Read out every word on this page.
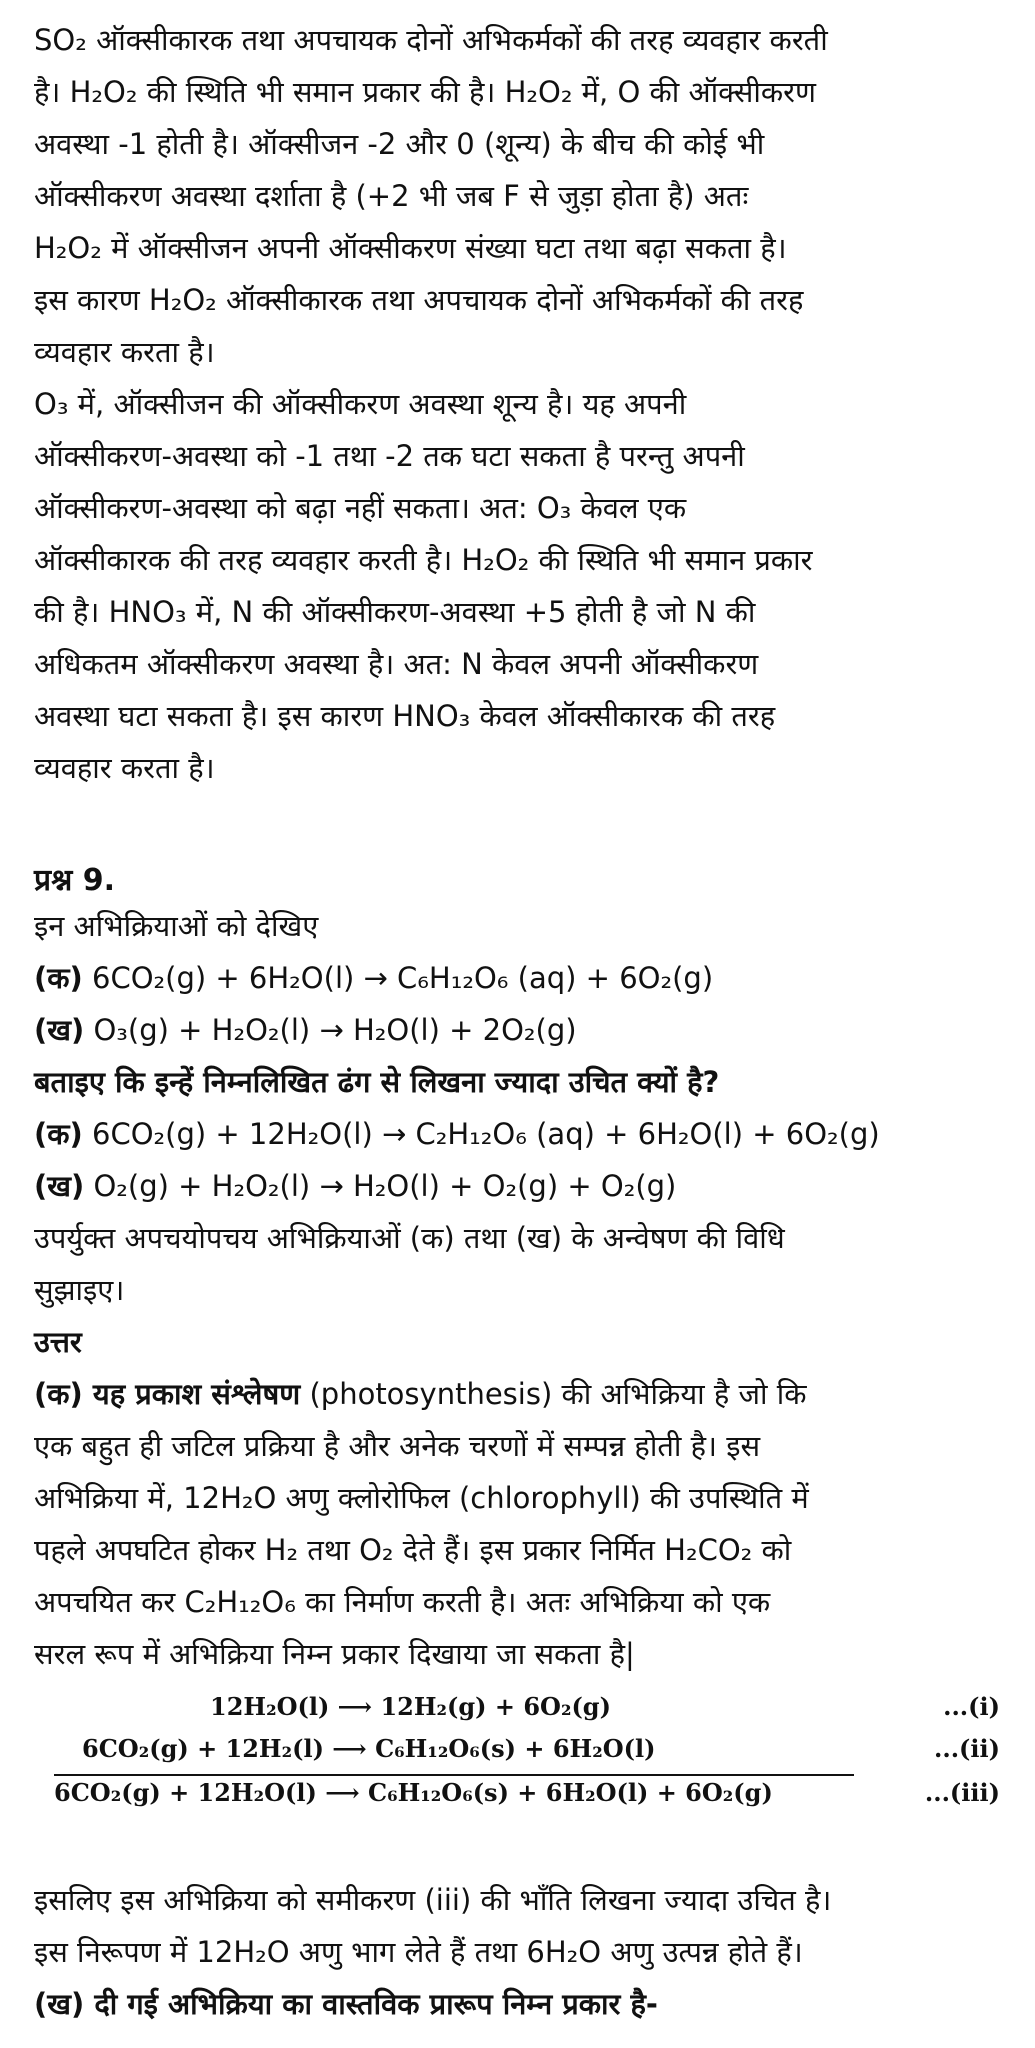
SO₂ ऑक्सीकारक तथा अपचायक दोनों अभिकर्मकों की तरह व्यवहार करती
है। H₂O₂ की स्थिति भी समान प्रकार की है। H₂O₂ में, O की ऑक्सीकरण
अवस्था -1 होती है। ऑक्सीजन -2 और 0 (शून्य) के बीच की कोई भी
ऑक्सीकरण अवस्था दर्शाता है (+2 भी जब F से जुड़ा होता है) अतः
H₂O₂ में ऑक्सीजन अपनी ऑक्सीकरण संख्या घटा तथा बढ़ा सकता है।
इस कारण H₂O₂ ऑक्सीकारक तथा अपचायक दोनों अभिकर्मकों की तरह
व्यवहार करता है।
O₃ में, ऑक्सीजन की ऑक्सीकरण अवस्था शून्य है। यह अपनी
ऑक्सीकरण-अवस्था को -1 तथा -2 तक घटा सकता है परन्तु अपनी
ऑक्सीकरण-अवस्था को बढ़ा नहीं सकता। अत: O₃ केवल एक
ऑक्सीकारक की तरह व्यवहार करती है। H₂O₂ की स्थिति भी समान प्रकार
की है। HNO₃ में, N की ऑक्सीकरण-अवस्था +5 होती है जो N की
अधिकतम ऑक्सीकरण अवस्था है। अत: N केवल अपनी ऑक्सीकरण
अवस्था घटा सकता है। इस कारण HNO₃ केवल ऑक्सीकारक की तरह
व्यवहार करता है।
प्रश्न 9.
इन अभिक्रियाओं को देखिए
(क) 6CO₂(g) + 6H₂O(l) → C₆H₁₂O₆ (aq) + 6O₂(g)
(ख) O₃(g) + H₂O₂(l) → H₂O(l) + 2O₂(g)
बताइए कि इन्हें निम्नलिखित ढंग से लिखना ज्यादा उचित क्यों है?
(क) 6CO₂(g) + 12H₂O(l) → C₂H₁₂O₆ (aq) + 6H₂O(l) + 6O₂(g)
(ख) O₂(g) + H₂O₂(l) → H₂O(l) + O₂(g) + O₂(g)
उपर्युक्त अपचयोपचय अभिक्रियाओं (क) तथा (ख) के अन्वेषण की विधि
सुझाइए।
उत्तर
(क) यह प्रकाश संश्लेषण (photosynthesis) की अभिक्रिया है जो कि
एक बहुत ही जटिल प्रक्रिया है और अनेक चरणों में सम्पन्न होती है। इस
अभिक्रिया में, 12H₂O अणु क्लोरोफिल (chlorophyll) की उपस्थिति में
पहले अपघटित होकर H₂ तथा O₂ देते हैं। इस प्रकार निर्मित H₂CO₂ को
अपचयित कर C₂H₁₂O₆ का निर्माण करती है। अतः अभिक्रिया को एक
सरल रूप में अभिक्रिया निम्न प्रकार दिखाया जा सकता है|
12H₂O(l) ⟶ 12H₂(g) + 6O₂(g)	...(i)
6CO₂(g) + 12H₂(l) ⟶ C₆H₁₂O₆(s) + 6H₂O(l)	...(ii)
6CO₂(g) + 12H₂O(l) ⟶ C₆H₁₂O₆(s) + 6H₂O(l) + 6O₂(g)	...(iii)
इसलिए इस अभिक्रिया को समीकरण (iii) की भाँति लिखना ज्यादा उचित है।
इस निरूपण में 12H₂O अणु भाग लेते हैं तथा 6H₂O अणु उत्पन्न होते हैं।
(ख) दी गई अभिक्रिया का वास्तविक प्रारूप निम्न प्रकार है-
